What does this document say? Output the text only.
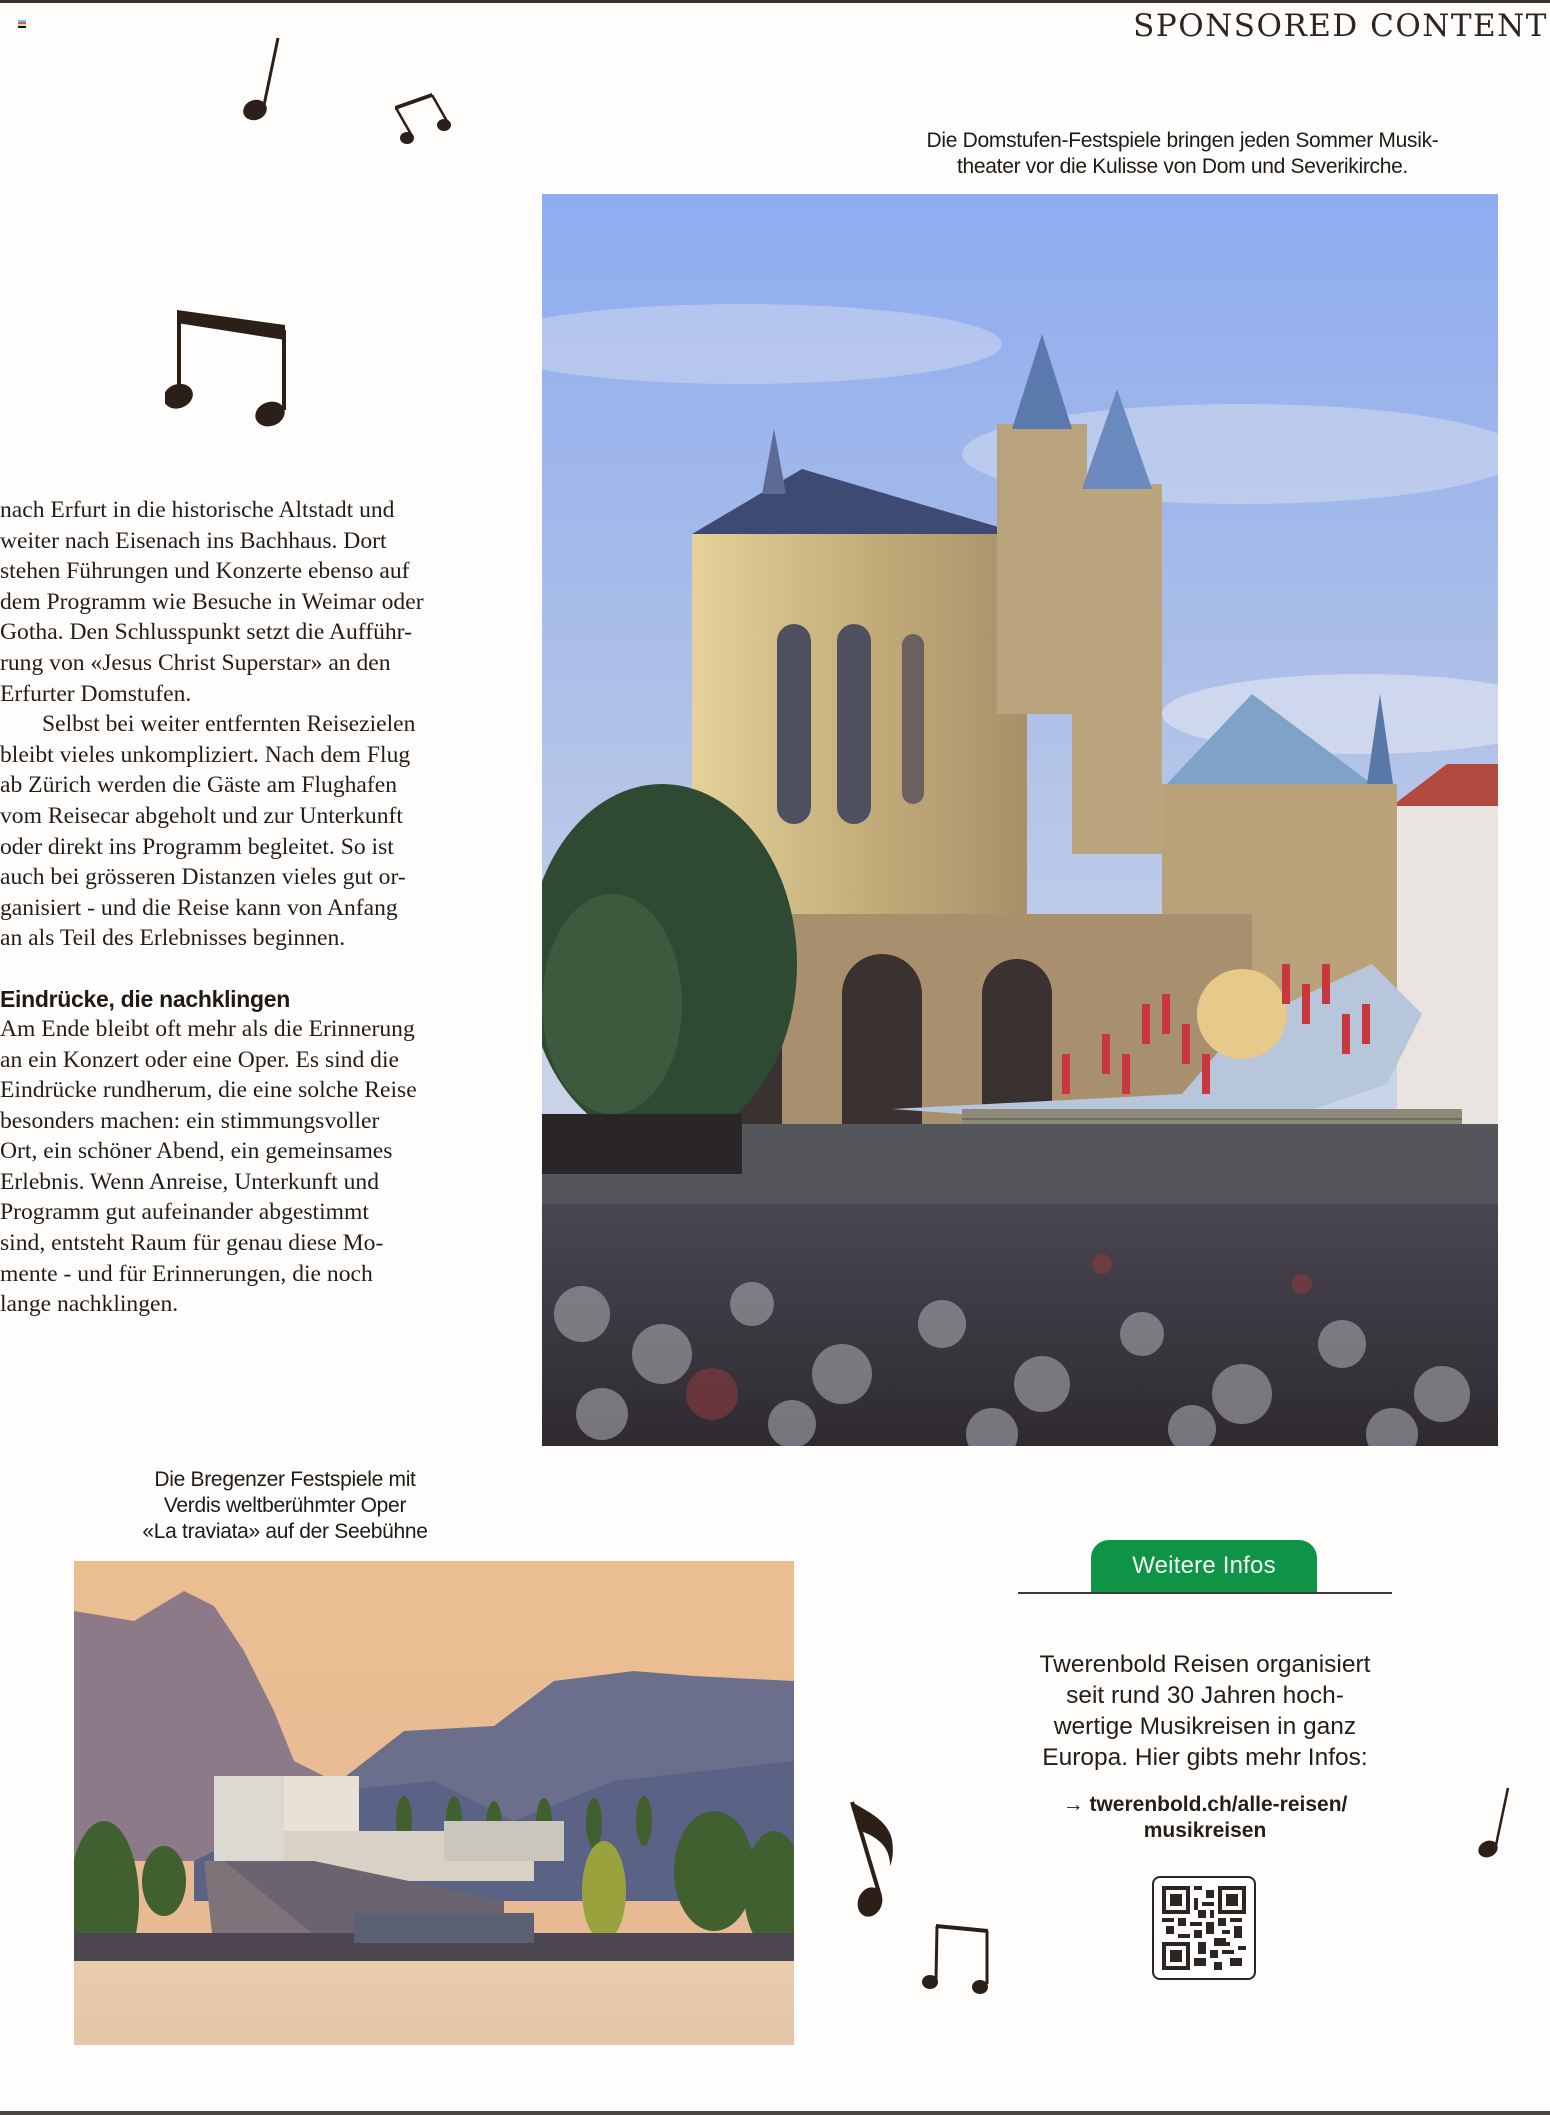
SPONSORED CONTENT
Die Domstufen-Festspiele bringen jeden Sommer Musik-
theater vor die Kulisse von Dom und Severikirche.

nach Erfurt in die historische Altstadt und

weiter nach Eisenach ins Bachhaus. Dort

stehen Führungen und Konzerte ebenso auf

dem Programm wie Besuche in Weimar oder

Gotha. Den Schlusspunkt setzt die Aufführ-

rung von «Jesus Christ Superstar» an den

Erfurter Domstufen.

Selbst bei weiter entfernten Reisezielen

bleibt vieles unkompliziert. Nach dem Flug

ab Zürich werden die Gäste am Flughafen

vom Reisecar abgeholt und zur Unterkunft

oder direkt ins Programm begleitet. So ist

auch bei grösseren Distanzen vieles gut or-

ganisiert - und die Reise kann von Anfang

an als Teil des Erlebnisses beginnen.

Eindrücke, die nachklingen

Am Ende bleibt oft mehr als die Erinnerung

an ein Konzert oder eine Oper. Es sind die

Eindrücke rundherum, die eine solche Reise

besonders machen: ein stimmungsvoller

Ort, ein schöner Abend, ein gemeinsames

Erlebnis. Wenn Anreise, Unterkunft und

Programm gut aufeinander abgestimmt

sind, entsteht Raum für genau diese Mo-

mente - und für Erinnerungen, die noch

lange nachklingen.

Die Bregenzer Festspiele mit
Verdis weltberühmter Oper
«La traviata» auf der Seebühne
Weitere Infos
Twerenbold Reisen organisiert
seit rund 30 Jahren hoch-
wertige Musikreisen in ganz
Europa. Hier gibts mehr Infos:
→ twerenbold.ch/alle-reisen/
musikreisen
